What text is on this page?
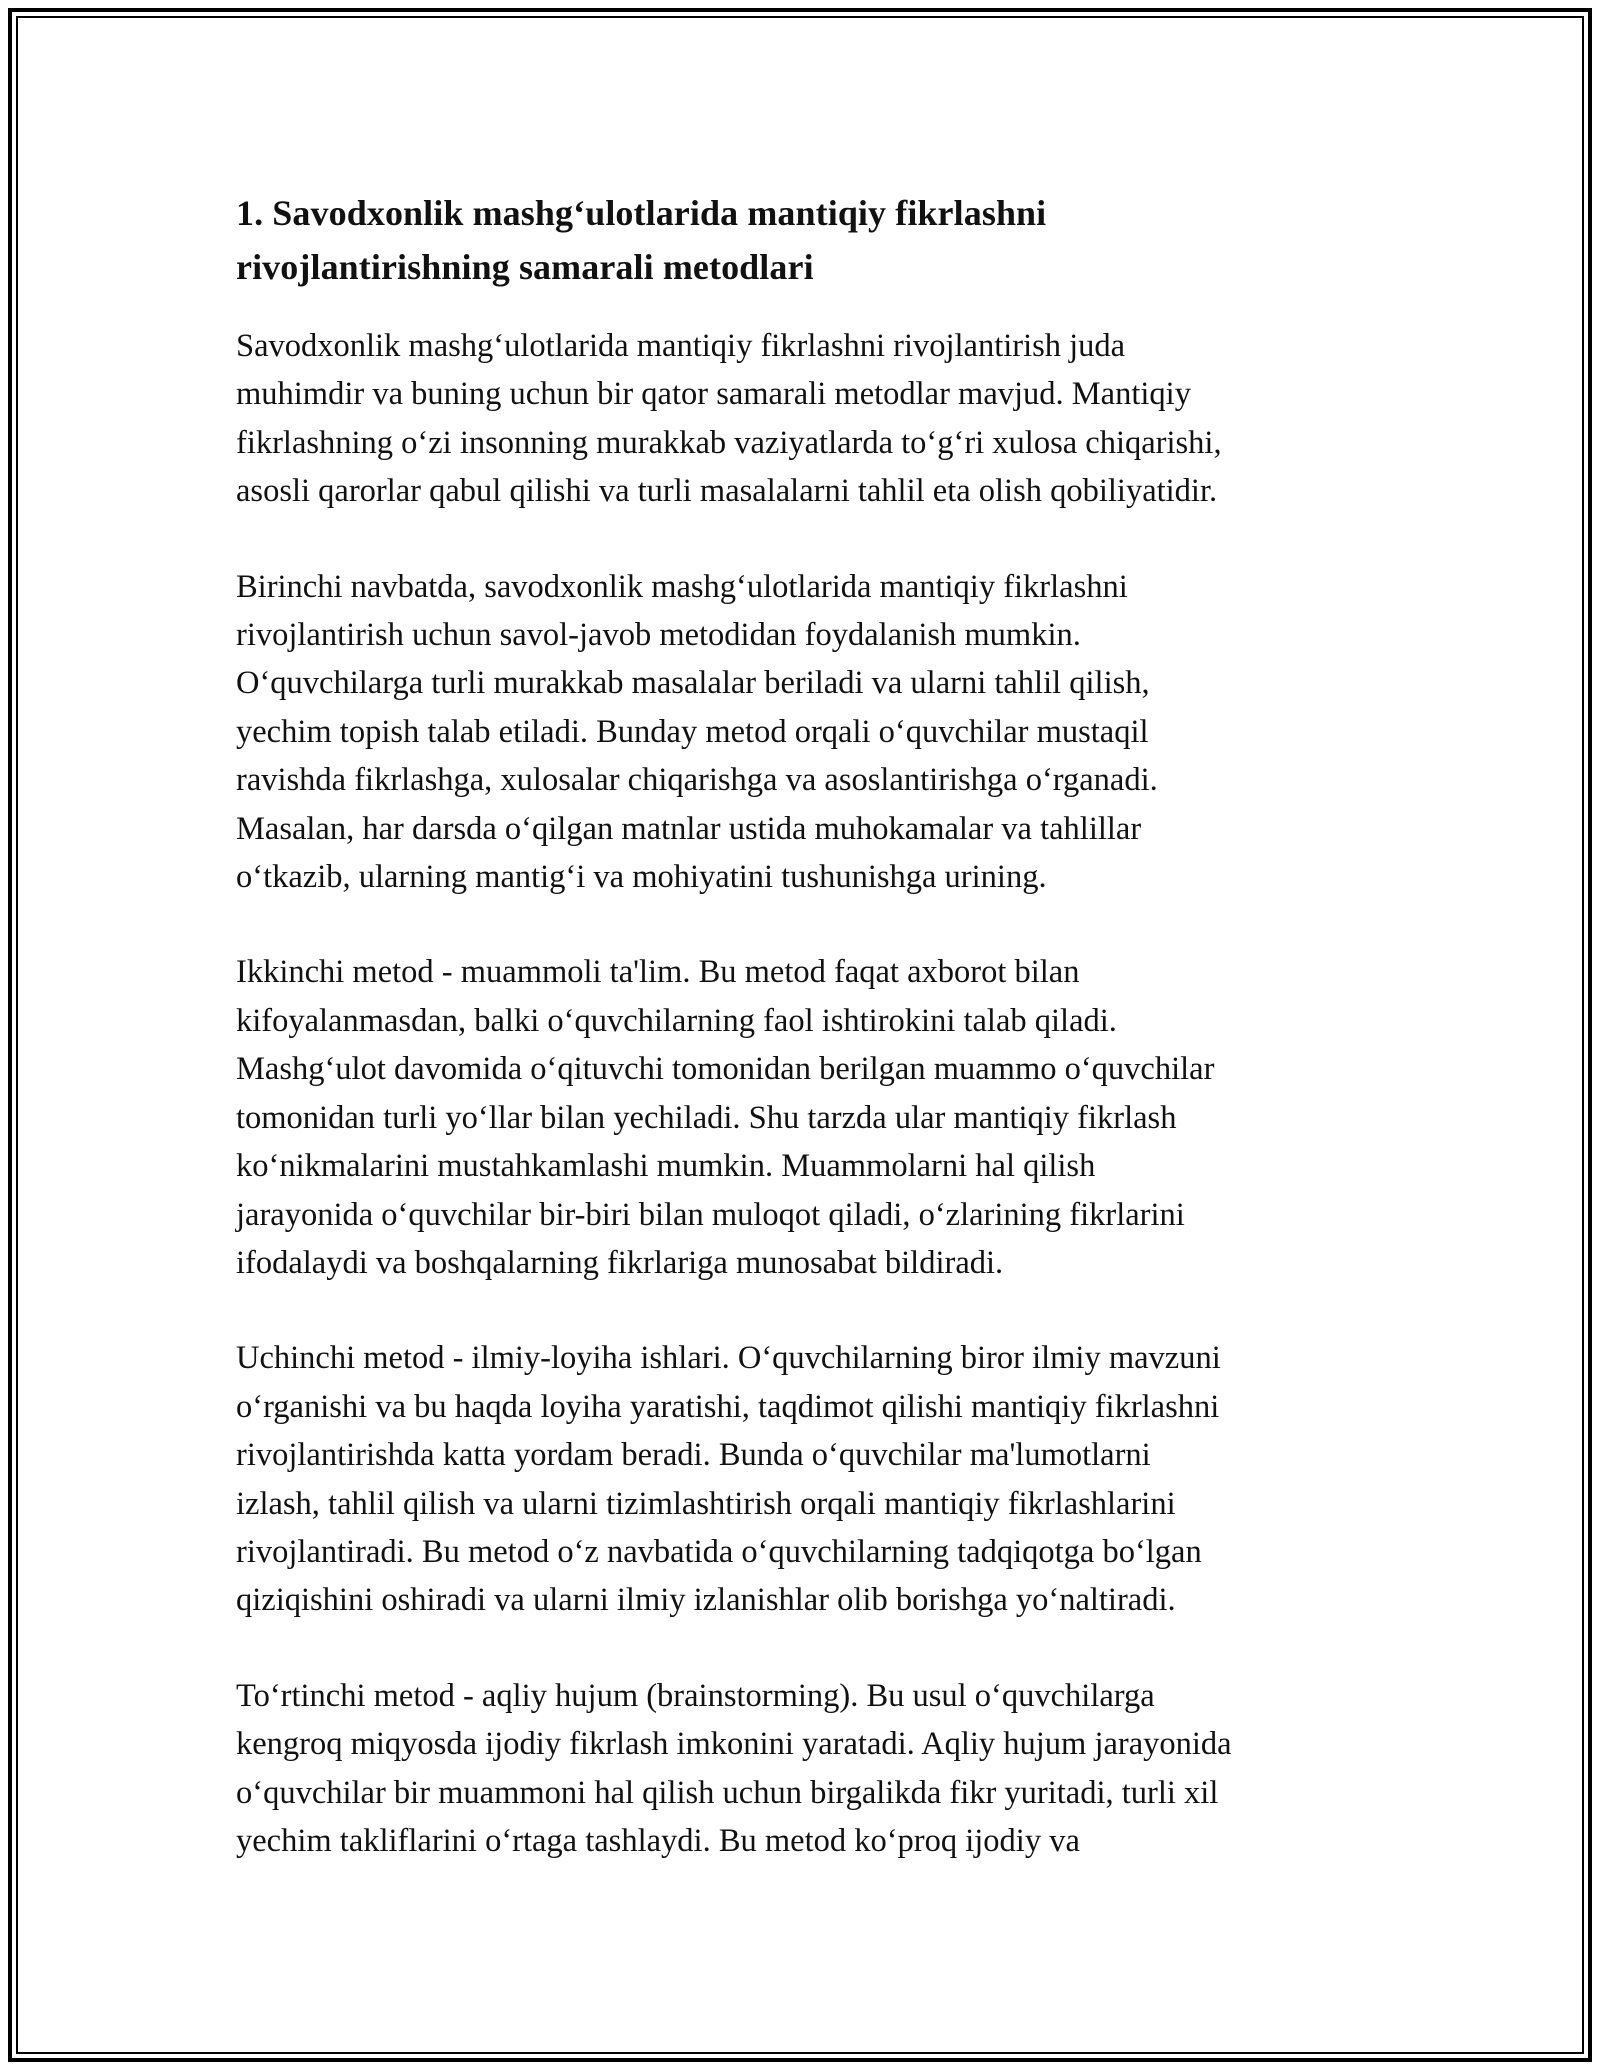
1. Savodxonlik mashg‘ulotlarida mantiqiy fikrlashni
rivojlantirishning samarali metodlari

Savodxonlik mashg‘ulotlarida mantiqiy fikrlashni rivojlantirish juda
muhimdir va buning uchun bir qator samarali metodlar mavjud. Mantiqiy
fikrlashning o‘zi insonning murakkab vaziyatlarda to‘g‘ri xulosa chiqarishi,
asosli qarorlar qabul qilishi va turli masalalarni tahlil eta olish qobiliyatidir.

Birinchi navbatda, savodxonlik mashg‘ulotlarida mantiqiy fikrlashni
rivojlantirish uchun savol-javob metodidan foydalanish mumkin.
O‘quvchilarga turli murakkab masalalar beriladi va ularni tahlil qilish,
yechim topish talab etiladi. Bunday metod orqali o‘quvchilar mustaqil
ravishda fikrlashga, xulosalar chiqarishga va asoslantirishga o‘rganadi.
Masalan, har darsda o‘qilgan matnlar ustida muhokamalar va tahlillar
o‘tkazib, ularning mantig‘i va mohiyatini tushunishga urining.

Ikkinchi metod - muammoli ta'lim. Bu metod faqat axborot bilan
kifoyalanmasdan, balki o‘quvchilarning faol ishtirokini talab qiladi.
Mashg‘ulot davomida o‘qituvchi tomonidan berilgan muammo o‘quvchilar
tomonidan turli yo‘llar bilan yechiladi. Shu tarzda ular mantiqiy fikrlash
ko‘nikmalarini mustahkamlashi mumkin. Muammolarni hal qilish
jarayonida o‘quvchilar bir-biri bilan muloqot qiladi, o‘zlarining fikrlarini
ifodalaydi va boshqalarning fikrlariga munosabat bildiradi.

Uchinchi metod - ilmiy-loyiha ishlari. O‘quvchilarning biror ilmiy mavzuni
o‘rganishi va bu haqda loyiha yaratishi, taqdimot qilishi mantiqiy fikrlashni
rivojlantirishda katta yordam beradi. Bunda o‘quvchilar ma'lumotlarni
izlash, tahlil qilish va ularni tizimlashtirish orqali mantiqiy fikrlashlarini
rivojlantiradi. Bu metod o‘z navbatida o‘quvchilarning tadqiqotga bo‘lgan
qiziqishini oshiradi va ularni ilmiy izlanishlar olib borishga yo‘naltiradi.

To‘rtinchi metod - aqliy hujum (brainstorming). Bu usul o‘quvchilarga
kengroq miqyosda ijodiy fikrlash imkonini yaratadi. Aqliy hujum jarayonida
o‘quvchilar bir muammoni hal qilish uchun birgalikda fikr yuritadi, turli xil
yechim takliflarini o‘rtaga tashlaydi. Bu metod ko‘proq ijodiy va
